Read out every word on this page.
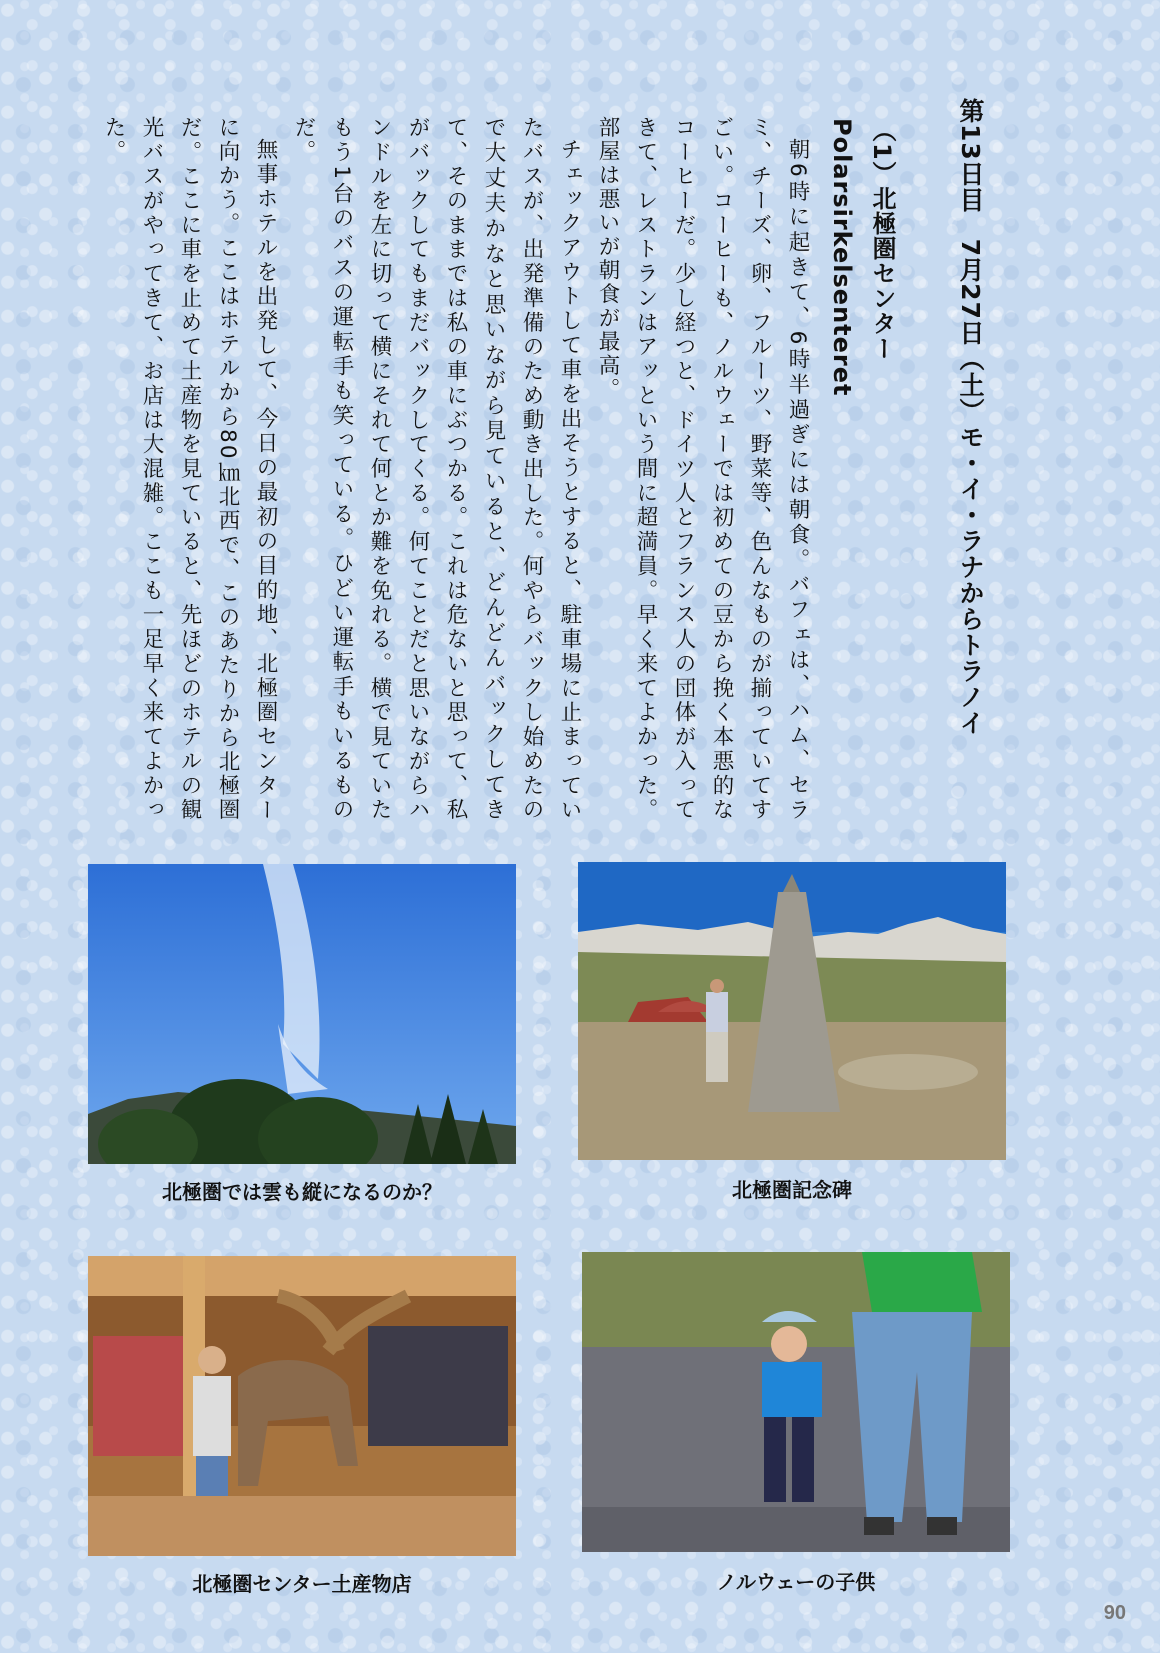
第13日目　7月27日（土）モ・イ・ラナからトラノイ
（1）北極圏センター Polarsirkelsenteret

朝6時に起きて、6時半過ぎには朝食。バフェは、ハム、セラミ、チーズ、卵、フルーツ、野菜等、色んなものが揃っていてすごい。コーヒーも、ノルウェーでは初めての豆から挽く本悪的なコーヒーだ。少し経つと、ドイツ人とフランス人の団体が入ってきて、レストランはアッという間に超満員。早く来てよかった。部屋は悪いが朝食が最高。

チェックアウトして車を出そうとすると、駐車場に止まっていたバスが、出発準備のため動き出した。何やらバックし始めたので大丈夫かなと思いながら見ていると、どんどんバックしてきて、そのままでは私の車にぶつかる。これは危ないと思って、私がバックしてもまだバックしてくる。何てことだと思いながらハンドルを左に切って横にそれて何とか難を免れる。横で見ていたもう1台のバスの運転手も笑っている。ひどい運転手もいるものだ。

無事ホテルを出発して、今日の最初の目的地、北極圏センターに向かう。ここはホテルから80㎞北西で、このあたりから北極圏だ。ここに車を止めて土産物を見ていると、先ほどのホテルの観光バスがやってきて、お店は大混雑。ここも一足早く来てよかった。

北極圏では雲も縦になるのか？	北極圏記念碑
北極圏センター土産物店	ノルウェーの子供
90
